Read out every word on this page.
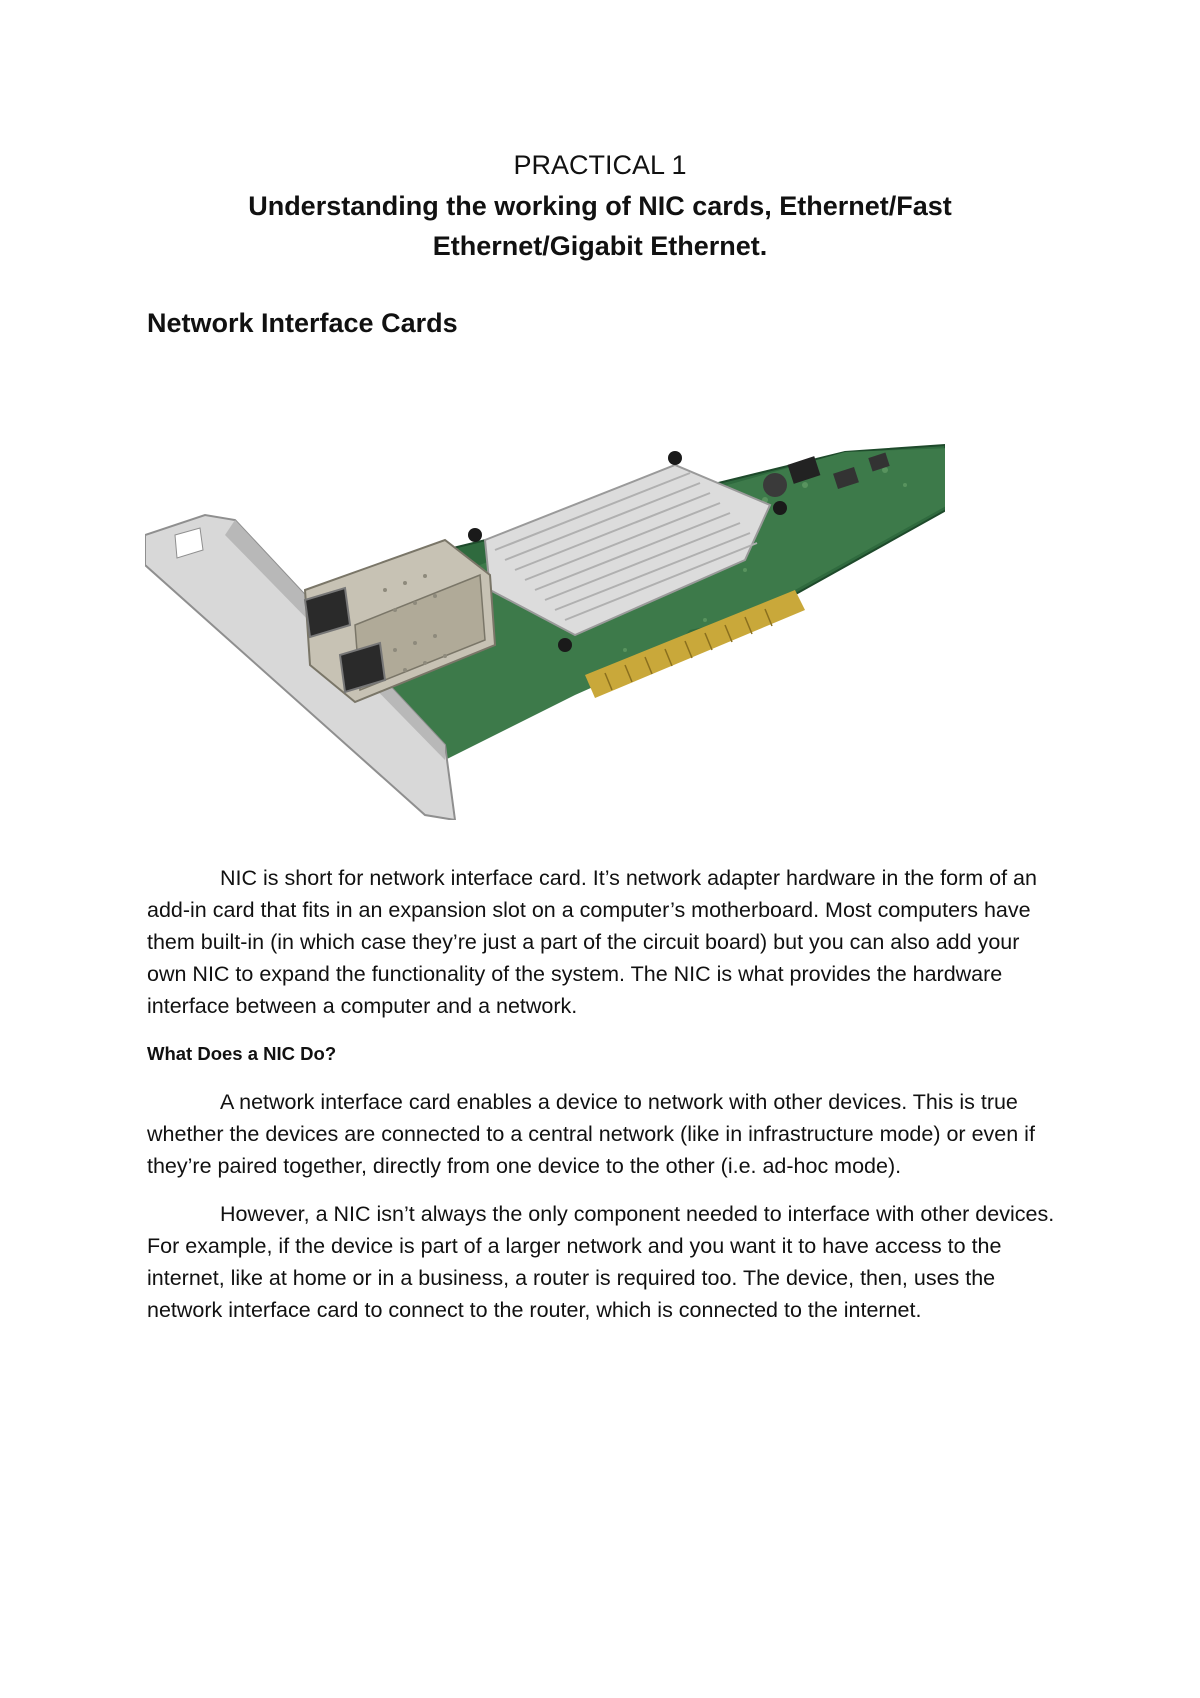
PRACTICAL 1
Understanding the working of NIC cards, Ethernet/Fast
Ethernet/Gigabit Ethernet.
Network Interface Cards

NIC is short for network interface card. It’s network adapter hardware in the form of an add-in card that fits in an expansion slot on a computer’s motherboard. Most computers have them built-in (in which case they’re just a part of the circuit board) but you can also add your own NIC to expand the functionality of the system. The NIC is what provides the hardware interface between a computer and a network.

What Does a NIC Do?

A network interface card enables a device to network with other devices. This is true whether the devices are connected to a central network (like in infrastructure mode) or even if they’re paired together, directly from one device to the other (i.e. ad-hoc mode).

However, a NIC isn’t always the only component needed to interface with other devices. For example, if the device is part of a larger network and you want it to have access to the internet, like at home or in a business, a router is required too. The device, then, uses the network interface card to connect to the router, which is connected to the internet.
